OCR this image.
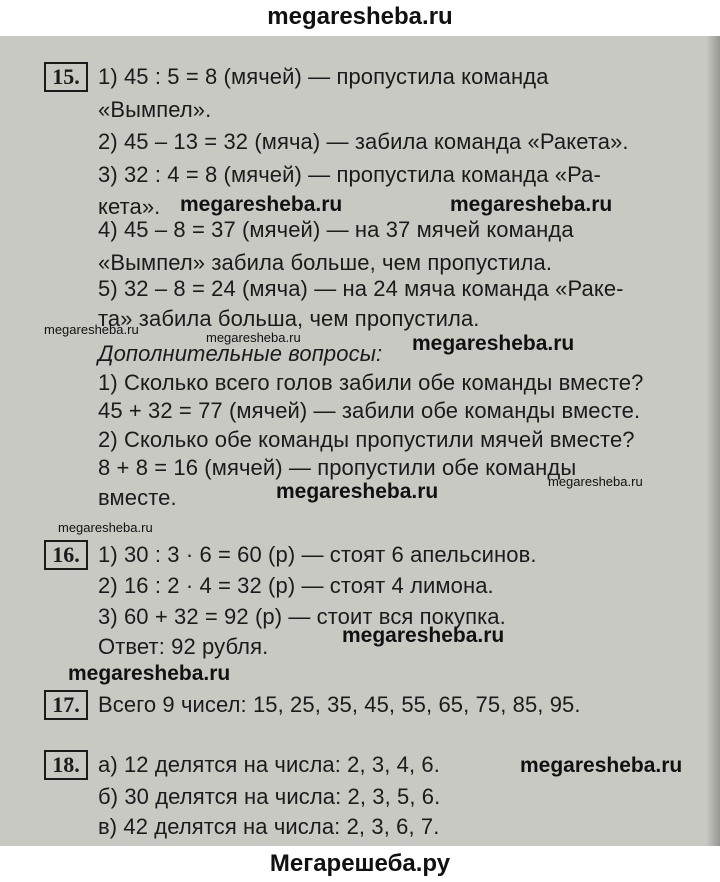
megaresheba.ru
15. 1) 45 : 5 = 8 (мячей) — пропустила команда
«Вымпел».
2) 45 – 13 = 32 (мяча) — забила команда «Ракета».
3) 32 : 4 = 8 (мячей) — пропустила команда «Ра-
кета».
4) 45 – 8 = 37 (мячей) — на 37 мячей команда
«Вымпел» забила больше, чем пропустила.
5) 32 – 8 = 24 (мяча) — на 24 мяча команда «Раке-
та» забила больша, чем пропустила.
Дополнительные вопросы:
1) Сколько всего голов забили обе команды вместе?
45 + 32 = 77 (мячей) — забили обе команды вместе.
2) Сколько обе команды пропустили мячей вместе?
8 + 8 = 16 (мячей) — пропустили обе команды
вместе.
16. 1) 30 : 3 · 6 = 60 (р) — стоят 6 апельсинов.
2) 16 : 2 · 4 = 32 (р) — стоят 4 лимона.
3) 60 + 32 = 92 (р) — стоит вся покупка.
Ответ: 92 рубля.
17. Всего 9 чисел: 15, 25, 35, 45, 55, 65, 75, 85, 95.
18. а) 12 делятся на числа: 2, 3, 4, 6.
б) 30 делятся на числа: 2, 3, 5, 6.
в) 42 делятся на числа: 2, 3, 6, 7.
megaresheba.ru	megaresheba.ru
megaresheba.ru
megaresheba.ru	megaresheba.ru
megaresheba.ru	megaresheba.ru
megaresheba.ru
megaresheba.ru
megaresheba.ru
megaresheba.ru
Мегарешеба.ру
